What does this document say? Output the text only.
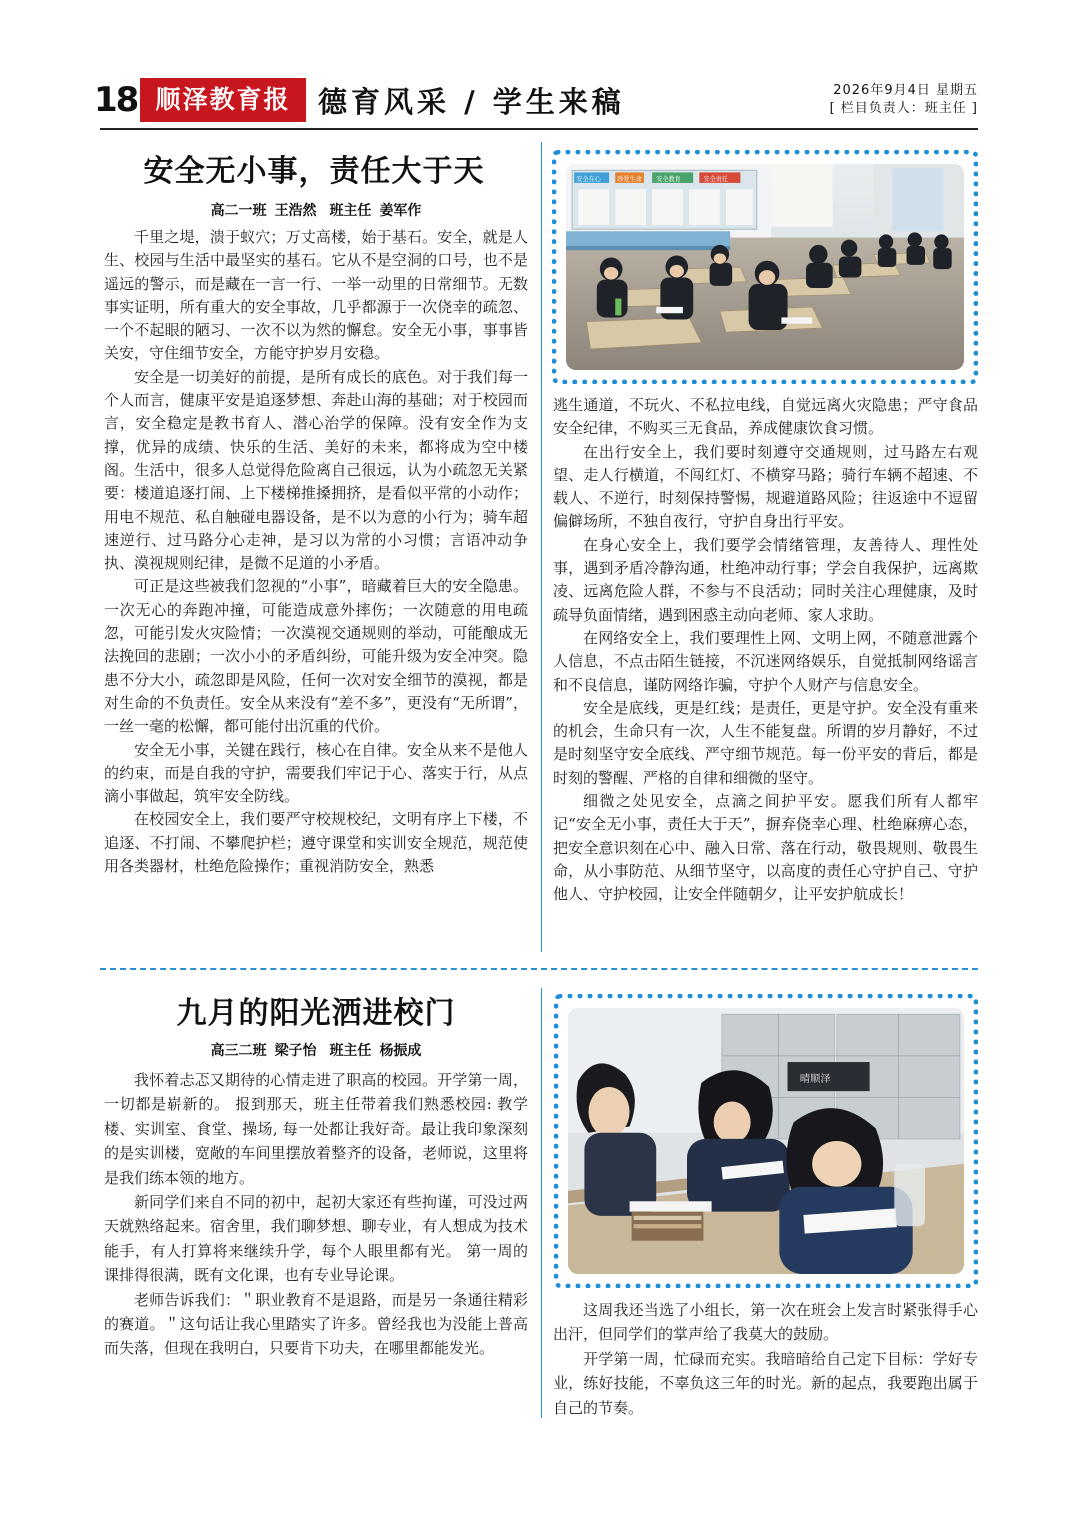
18 顺泽教育报 德育风采 / 学生来稿	2026年9月4日 星期五
[ 栏目负责人：班主任 ]
安全无小事，责任大于天
高二一班 王浩然 班主任 姜军作

千里之堤，溃于蚁穴；万丈高楼，始于基石。安全，就是人生、校园与生活中最坚实的基石。它从不是空洞的口号，也不是遥远的警示，而是藏在一言一行、一举一动里的日常细节。无数事实证明，所有重大的安全事故，几乎都源于一次侥幸的疏忽、一个不起眼的陋习、一次不以为然的懈怠。安全无小事，事事皆关安，守住细节安全，方能守护岁月安稳。

安全是一切美好的前提，是所有成长的底色。对于我们每一个人而言，健康平安是追逐梦想、奔赴山海的基础；对于校园而言，安全稳定是教书育人、潜心治学的保障。没有安全作为支撑，优异的成绩、快乐的生活、美好的未来，都将成为空中楼阁。生活中，很多人总觉得危险离自己很远，认为小疏忽无关紧要：楼道追逐打闹、上下楼梯推搡拥挤，是看似平常的小动作；用电不规范、私自触碰电器设备，是不以为意的小行为；骑车超速逆行、过马路分心走神，是习以为常的小习惯；言语冲动争执、漠视规则纪律，是微不足道的小矛盾。

可正是这些被我们忽视的“小事”，暗藏着巨大的安全隐患。一次无心的奔跑冲撞，可能造成意外摔伤；一次随意的用电疏忽，可能引发火灾险情；一次漠视交通规则的举动，可能酿成无法挽回的悲剧；一次小小的矛盾纠纷，可能升级为安全冲突。隐患不分大小，疏忽即是风险，任何一次对安全细节的漠视，都是对生命的不负责任。安全从来没有“差不多”，更没有“无所谓”，一丝一毫的松懈，都可能付出沉重的代价。

安全无小事，关键在践行，核心在自律。安全从来不是他人的约束，而是自我的守护，需要我们牢记于心、落实于行，从点滴小事做起，筑牢安全防线。

在校园安全上，我们要严守校规校纪，文明有序上下楼，不追逐、不打闹、不攀爬护栏；遵守课堂和实训安全规范，规范使用各类器材，杜绝危险操作；重视消防安全，熟悉

安全在心	珍爱生命 安全教育	安全责任

逃生通道，不玩火、不私拉电线，自觉远离火灾隐患；严守食品安全纪律，不购买三无食品，养成健康饮食习惯。

在出行安全上，我们要时刻遵守交通规则，过马路左右观望、走人行横道，不闯红灯、不横穿马路；骑行车辆不超速、不载人、不逆行，时刻保持警惕，规避道路风险；往返途中不逗留偏僻场所，不独自夜行，守护自身出行平安。

在身心安全上，我们要学会情绪管理，友善待人、理性处事，遇到矛盾冷静沟通，杜绝冲动行事；学会自我保护，远离欺凌、远离危险人群，不参与不良活动；同时关注心理健康，及时疏导负面情绪，遇到困惑主动向老师、家人求助。

在网络安全上，我们要理性上网、文明上网，不随意泄露个人信息，不点击陌生链接，不沉迷网络娱乐，自觉抵制网络谣言和不良信息，谨防网络诈骗，守护个人财产与信息安全。

安全是底线，更是红线；是责任，更是守护。安全没有重来的机会，生命只有一次，人生不能复盘。所谓的岁月静好，不过是时刻坚守安全底线、严守细节规范。每一份平安的背后，都是时刻的警醒、严格的自律和细微的坚守。

细微之处见安全，点滴之间护平安。愿我们所有人都牢记“安全无小事，责任大于天”，摒弃侥幸心理、杜绝麻痹心态，把安全意识刻在心中、融入日常、落在行动，敬畏规则、敬畏生命，从小事防范、从细节坚守，以高度的责任心守护自己、守护他人、守护校园，让安全伴随朝夕，让平安护航成长！

九月的阳光洒进校门
高三二班 梁子怡 班主任 杨振成

我怀着忐忑又期待的心情走进了职高的校园。开学第一周，一切都是崭新的。 报到那天，班主任带着我们熟悉校园: 教学楼、实训室、食堂、操场, 每一处都让我好奇。最让我印象深刻的是实训楼，宽敞的车间里摆放着整齐的设备，老师说，这里将是我们练本领的地方。

新同学们来自不同的初中，起初大家还有些拘谨，可没过两天就熟络起来。宿舍里，我们聊梦想、聊专业，有人想成为技术能手，有人打算将来继续升学，每个人眼里都有光。 第一周的课排得很满，既有文化课，也有专业导论课。

老师告诉我们：＂职业教育不是退路，而是另一条通往精彩的赛道。＂这句话让我心里踏实了许多。曾经我也为没能上普高而失落，但现在我明白，只要肯下功夫，在哪里都能发光。

晴顺泽

这周我还当选了小组长，第一次在班会上发言时紧张得手心出汗，但同学们的掌声给了我莫大的鼓励。

开学第一周，忙碌而充实。我暗暗给自己定下目标：学好专业，练好技能，不辜负这三年的时光。新的起点，我要跑出属于自己的节奏。
